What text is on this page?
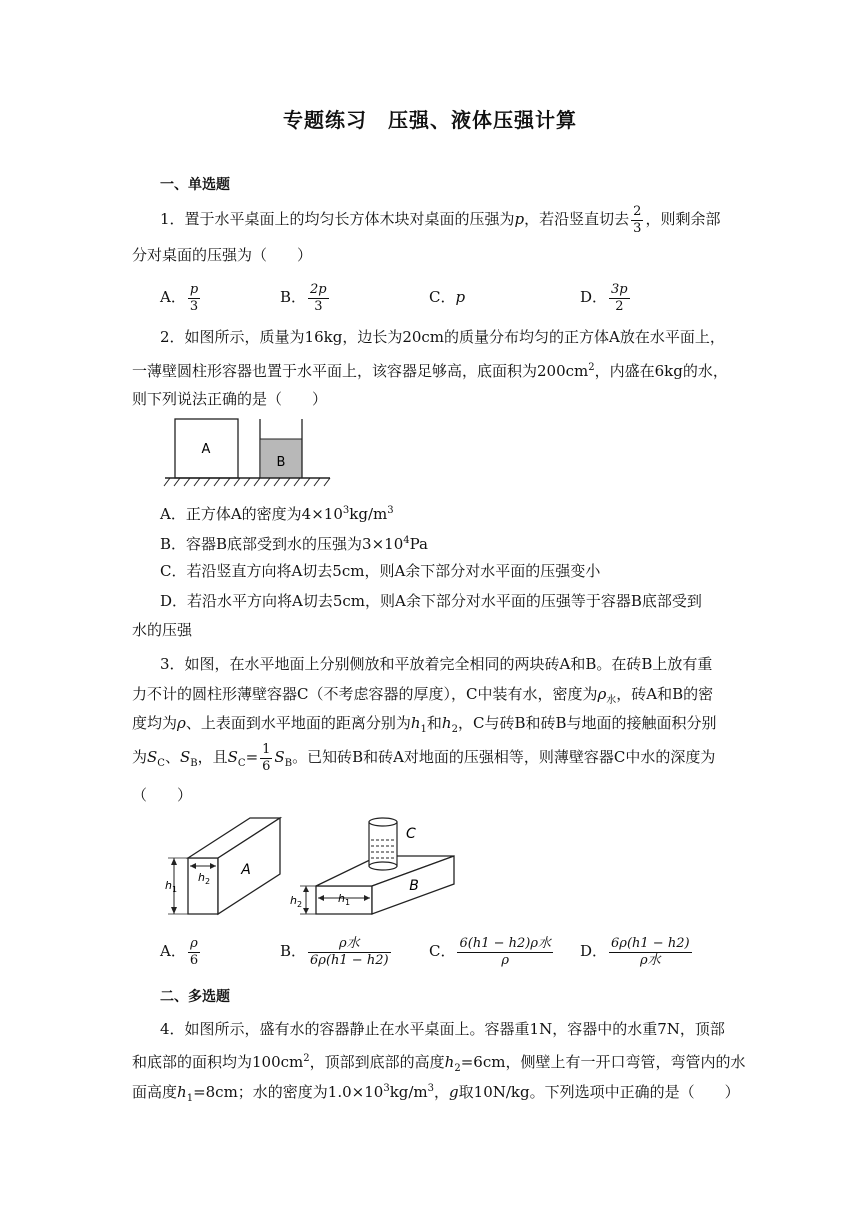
专题练习　压强、液体压强计算
一、单选题
1．置于水平桌面上的均匀长方体木块对桌面的压强为p，若沿竖直切去 $\frac{2}{3}$ ，则剩余部
分对桌面的压强为（　　）
A． $\frac{p}{3}$	B． $\frac{2p}{3}$	C．p	D． $\frac{3p}{2}$
2．如图所示，质量为16kg，边长为20cm的质量分布均匀的正方体A放在水平面上，
一薄壁圆柱形容器也置于水平面上，该容器足够高，底面积为$200cm^2$，内盛在6kg的水，
则下列说法正确的是（　　）
A
B
A．正方体A的密度为$4\times 10^3kg/m^3$
B．容器B底部受到水的压强为$3\times 10^4Pa$
C．若沿竖直方向将A切去5cm，则A余下部分对水平面的压强变小
D．若沿水平方向将A切去5cm，则A余下部分对水平面的压强等于容器B底部受到
水的压强
3．如图，在水平地面上分别侧放和平放着完全相同的两块砖A和B。在砖B上放有重
力不计的圆柱形薄壁容器C（不考虑容器的厚度），C中装有水，密度为$\rho_水$，砖A和B的密
度均为ρ、上表面到水平地面的距离分别为$h_1$和$h_2$，C与砖B和砖B与地面的接触面积分别
为$S_C$、$S_B$，且$S_C= \frac{1}{6} S_B$。已知砖B和砖A对地面的压强相等，则薄壁容器C中水的深度为
（　　）
A
$h_1$
$h_2$	B
$h_1$
$h_2$
C
A． $\frac{\rho}{6}$	B． $\frac{\text{ρ水}}{6\rho(h1 - h2)}$	C． $\frac{\text{6(h1 − h2)ρ水}}{\rho}$ D． $\frac{6\rho(h1 - h2)}{\text{ρ水}}$
二、多选题
4．如图所示，盛有水的容器静止在水平桌面上。容器重1N，容器中的水重7N，顶部
和底部的面积均为$100cm^2$，顶部到底部的高度$h_2=6cm$，侧壁上有一开口弯管，弯管内的水
面高度$h_1=8cm$；水的密度为$1.0\times 10^3kg/m^3$，g取10N/kg。下列选项中正确的是（　　）
